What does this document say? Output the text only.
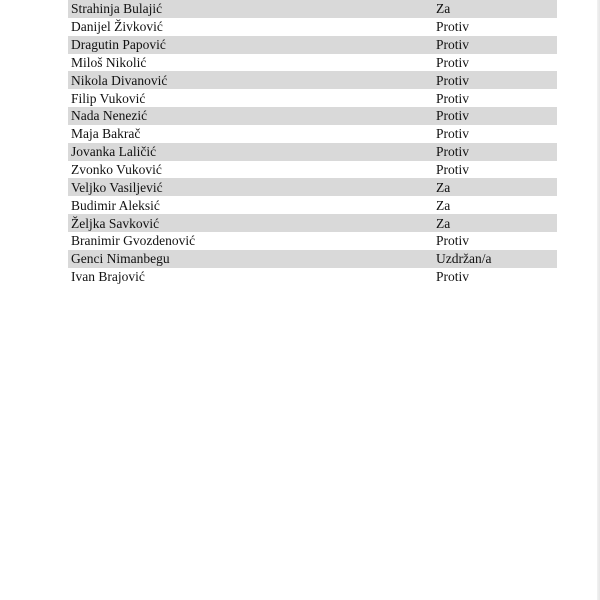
Strahinja Bulajić	Za
Danijel Živković	Protiv
Dragutin Papović	Protiv
Miloš Nikolić	Protiv
Nikola Divanović	Protiv
Filip Vuković	Protiv
Nada Nenezić	Protiv
Maja Bakrač	Protiv
Jovanka Laličić	Protiv
Zvonko Vuković	Protiv
Veljko Vasiljević	Za
Budimir Aleksić	Za
Željka Savković	Za
Branimir Gvozdenović	Protiv
Genci Nimanbegu	Uzdržan/a
Ivan Brajović	Protiv
